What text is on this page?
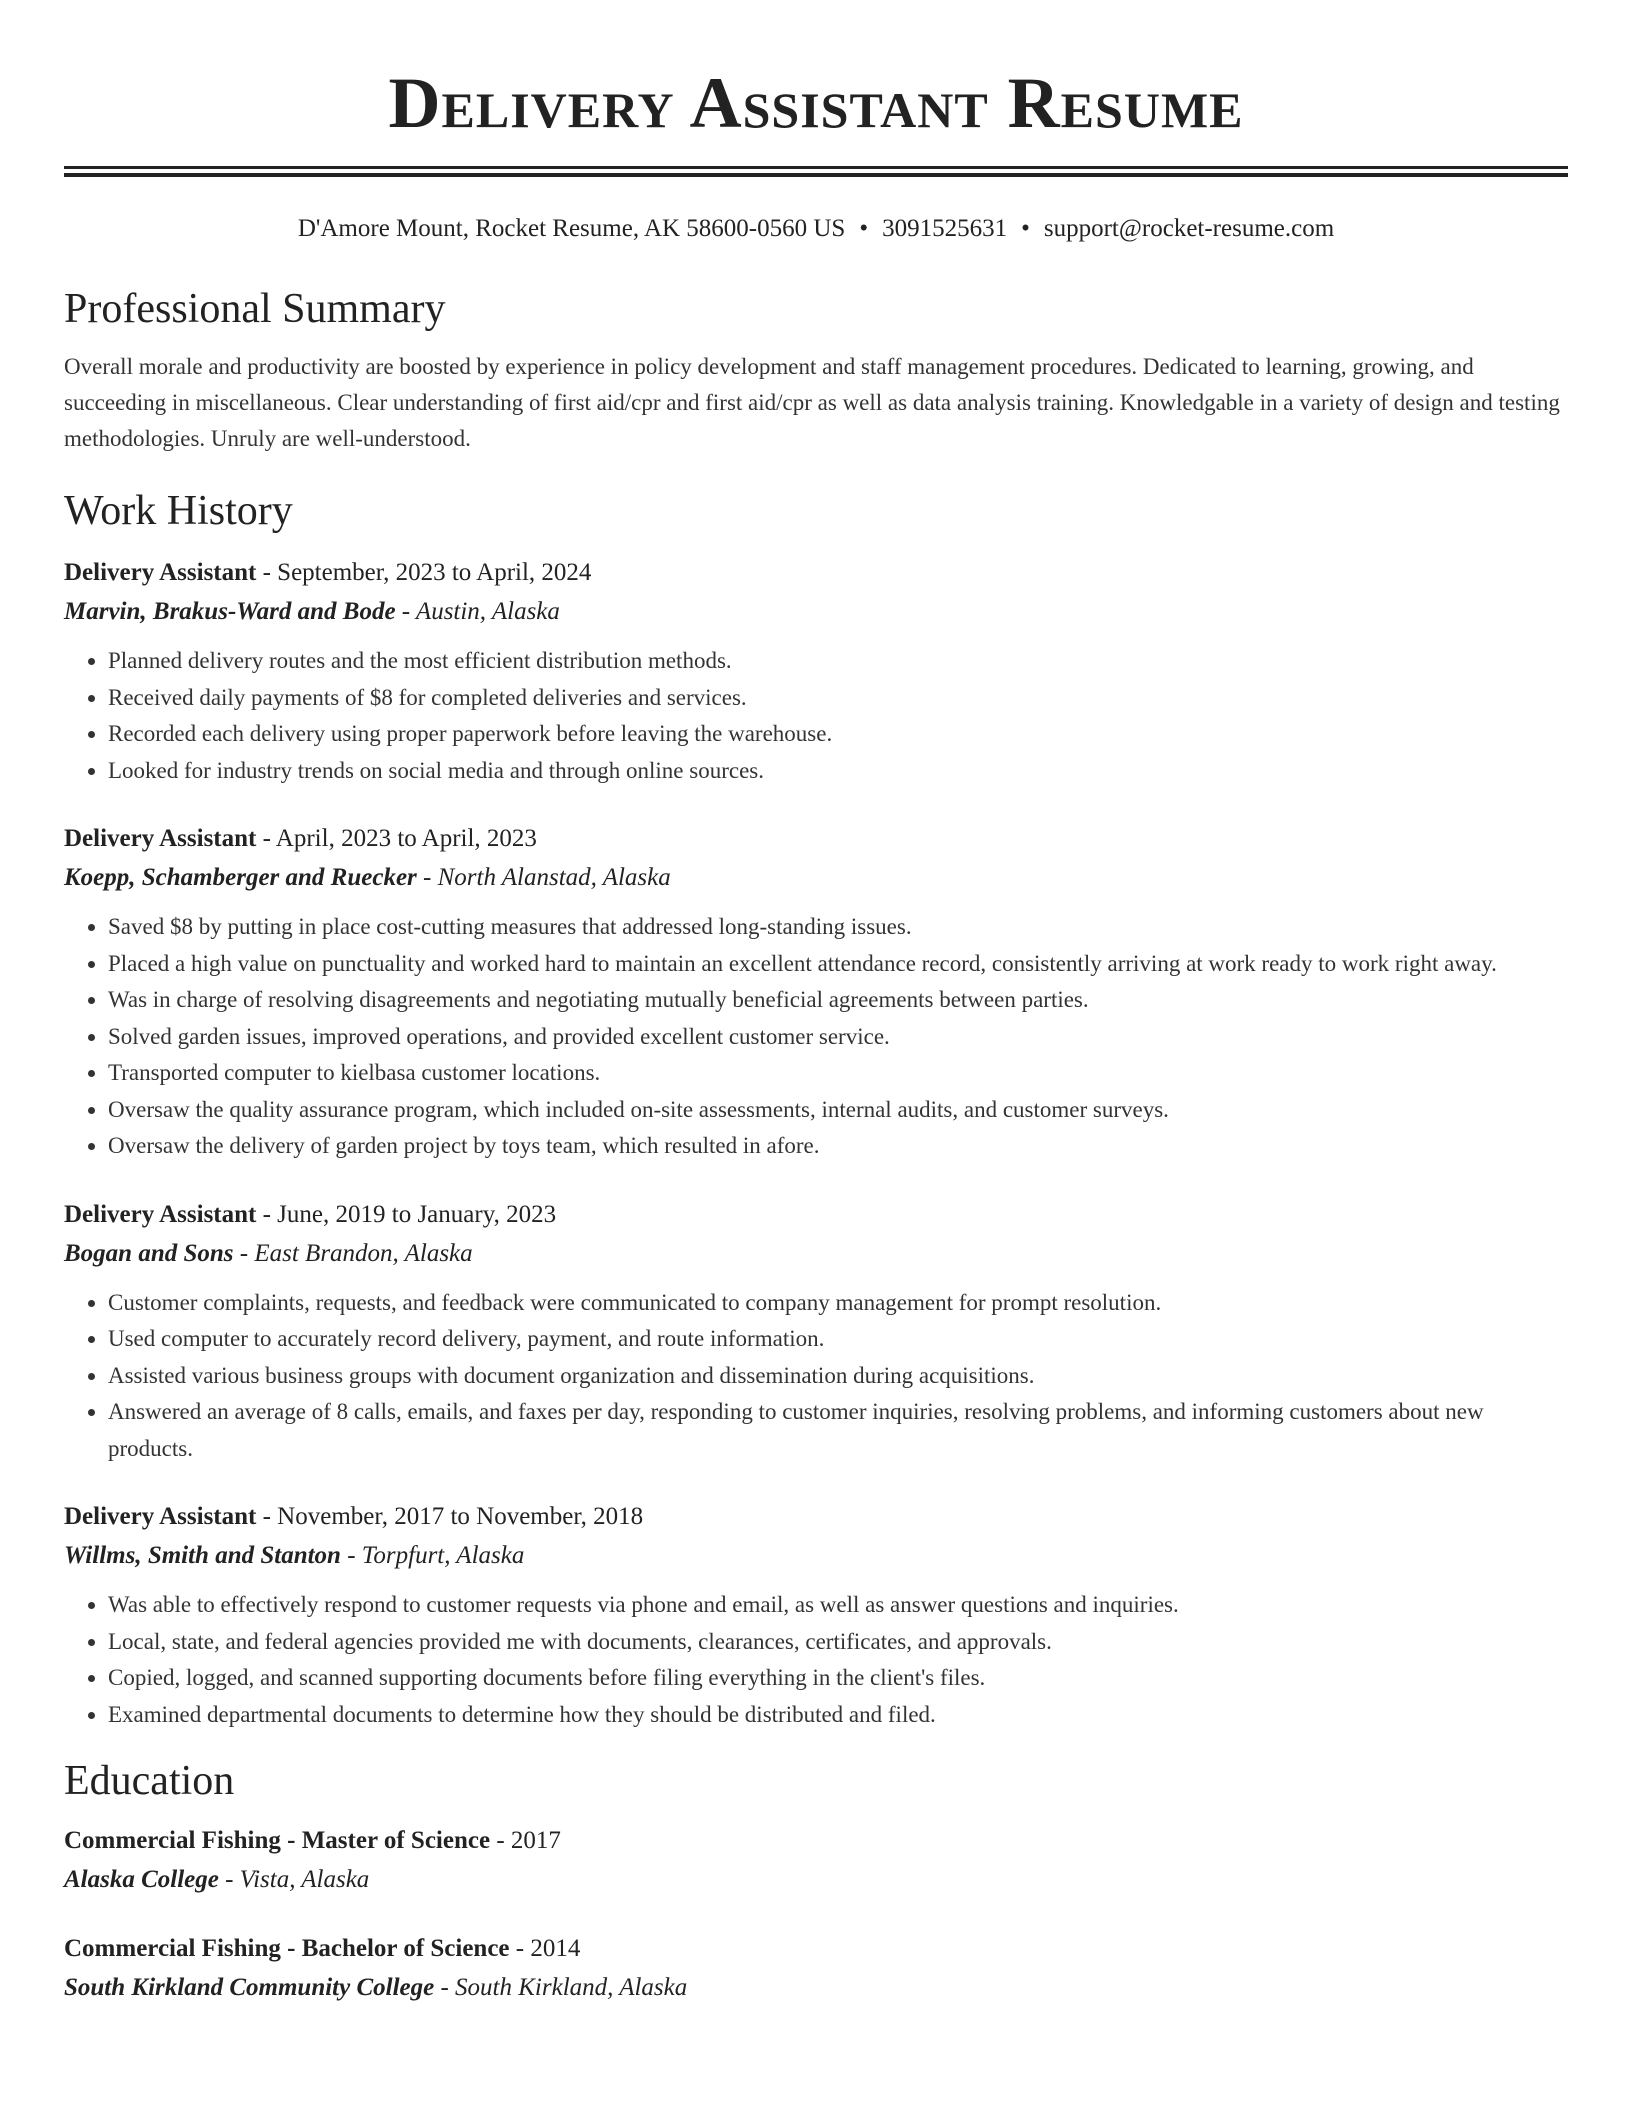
Delivery Assistant Resume
D'Amore Mount, Rocket Resume, AK 58600-0560 US • 3091525631 • support@rocket-resume.com
Professional Summary

Overall morale and productivity are boosted by experience in policy development and staff management procedures. Dedicated to learning, growing, and succeeding in miscellaneous. Clear understanding of first aid/cpr and first aid/cpr as well as data analysis training. Knowledgable in a variety of design and testing methodologies. Unruly are well-understood.

Work History
Delivery Assistant - September, 2023 to April, 2024
Marvin, Brakus-Ward and Bode - Austin, Alaska
• Planned delivery routes and the most efficient distribution methods.
• Received daily payments of $8 for completed deliveries and services.
• Recorded each delivery using proper paperwork before leaving the warehouse.
• Looked for industry trends on social media and through online sources.
Delivery Assistant - April, 2023 to April, 2023
Koepp, Schamberger and Ruecker - North Alanstad, Alaska
• Saved $8 by putting in place cost-cutting measures that addressed long-standing issues.
• Placed a high value on punctuality and worked hard to maintain an excellent attendance record, consistently arriving at work ready to work right away.
• Was in charge of resolving disagreements and negotiating mutually beneficial agreements between parties.
• Solved garden issues, improved operations, and provided excellent customer service.
• Transported computer to kielbasa customer locations.
• Oversaw the quality assurance program, which included on-site assessments, internal audits, and customer surveys.
• Oversaw the delivery of garden project by toys team, which resulted in afore.
Delivery Assistant - June, 2019 to January, 2023
Bogan and Sons - East Brandon, Alaska
• Customer complaints, requests, and feedback were communicated to company management for prompt resolution.
• Used computer to accurately record delivery, payment, and route information.
• Assisted various business groups with document organization and dissemination during acquisitions.
• Answered an average of 8 calls, emails, and faxes per day, responding to customer inquiries, resolving problems, and informing customers about new products.
Delivery Assistant - November, 2017 to November, 2018
Willms, Smith and Stanton - Torpfurt, Alaska
• Was able to effectively respond to customer requests via phone and email, as well as answer questions and inquiries.
• Local, state, and federal agencies provided me with documents, clearances, certificates, and approvals.
• Copied, logged, and scanned supporting documents before filing everything in the client's files.
• Examined departmental documents to determine how they should be distributed and filed.
Education
Commercial Fishing - Master of Science - 2017
Alaska College - Vista, Alaska
Commercial Fishing - Bachelor of Science - 2014
South Kirkland Community College - South Kirkland, Alaska
